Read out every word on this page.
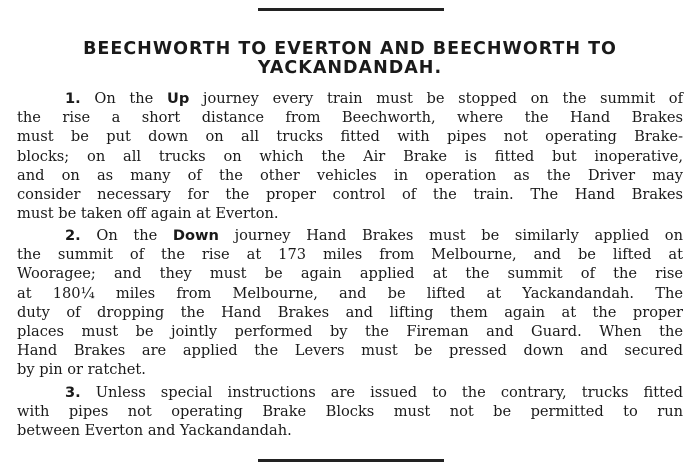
BEECHWORTH TO EVERTON AND BEECHWORTH TO
YACKANDANDAH.
1. On the Up journey every train must be stopped on the summit of
the rise a short distance from Beechworth, where the Hand Brakes
must be put down on all trucks fitted with pipes not operating Brake-
blocks; on all trucks on which the Air Brake is fitted but inoperative,
and on as many of the other vehicles in operation as the Driver may
consider necessary for the proper control of the train. The Hand Brakes
must be taken off again at Everton.
2. On the Down journey Hand Brakes must be similarly applied on
the summit of the rise at 173 miles from Melbourne, and be lifted at
Wooragee; and they must be again applied at the summit of the rise
at 180¼ miles from Melbourne, and be lifted at Yackandandah. The
duty of dropping the Hand Brakes and lifting them again at the proper
places must be jointly performed by the Fireman and Guard. When the
Hand Brakes are applied the Levers must be pressed down and secured
by pin or ratchet.
3. Unless special instructions are issued to the contrary, trucks fitted
with pipes not operating Brake Blocks must not be permitted to run
between Everton and Yackandandah.
